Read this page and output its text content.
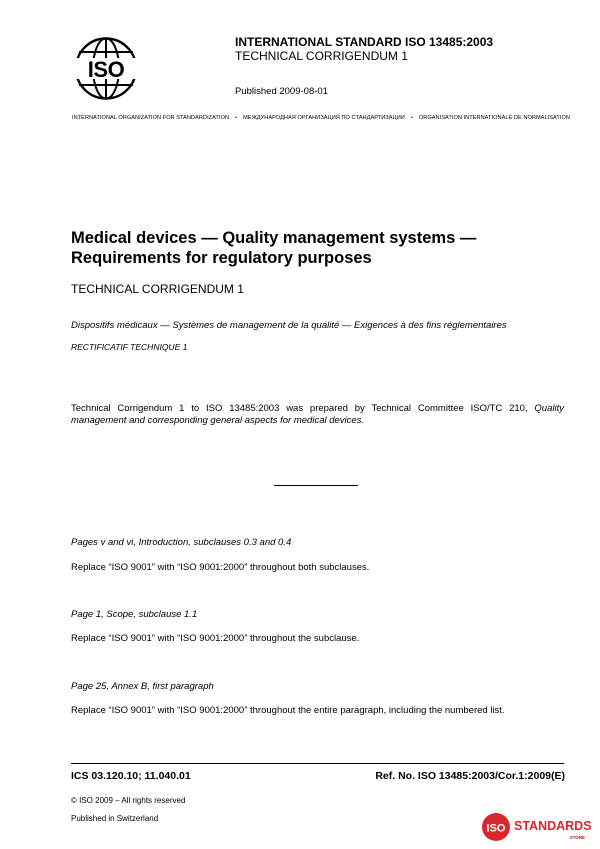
ISO
INTERNATIONAL STANDARD ISO 13485:2003
TECHNICAL CORRIGENDUM 1
Published 2009-08-01
INTERNATIONAL ORGANIZATION FOR STANDARDIZATION • МЕЖДУНАРОДНАЯ ОРГАНИЗАЦИЯ ПО СТАНДАРТИЗАЦИИ • ORGANISATION INTERNATIONALE DE NORMALISATION
Medical devices — Quality management systems —
Requirements for regulatory purposes
TECHNICAL CORRIGENDUM 1
Dispositifs médicaux — Systèmes de management de la qualité — Exigences à des fins réglementaires
RECTIFICATIF TECHNIQUE 1
Technical Corrigendum 1 to ISO 13485:2003 was prepared by Technical Committee ISO/TC 210, Quality management and corresponding general aspects for medical devices.
Pages v and vi, Introduction, subclauses 0.3 and 0.4
Replace “ISO 9001” with “ISO 9001:2000” throughout both subclauses.
Page 1, Scope, subclause 1.1
Replace “ISO 9001” with “ISO 9001:2000” throughout the subclause.
Page 25, Annex B, first paragraph
Replace “ISO 9001” with “ISO 9001:2000” throughout the entire paragraph, including the numbered list.
ICS 03.120.10; 11.040.01	Ref. No. ISO 13485:2003/Cor.1:2009(E)
© ISO 2009 – All rights reserved
Published in Switzerland
ISO STANDARDS
STORE
